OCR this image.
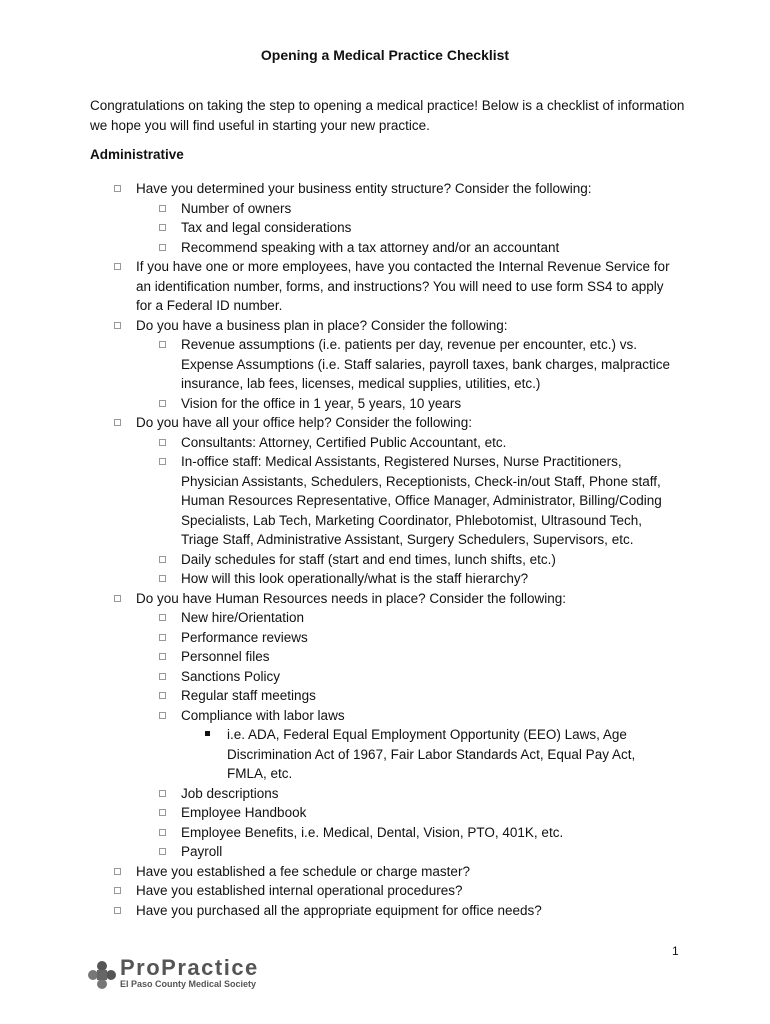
Opening a Medical Practice Checklist
Congratulations on taking the step to opening a medical practice! Below is a checklist of information we hope you will find useful in starting your new practice.
Administrative
Have you determined your business entity structure? Consider the following:
Number of owners
Tax and legal considerations
Recommend speaking with a tax attorney and/or an accountant
If you have one or more employees, have you contacted the Internal Revenue Service for an identification number, forms, and instructions? You will need to use form SS4 to apply for a Federal ID number.
Do you have a business plan in place? Consider the following:
Revenue assumptions (i.e. patients per day, revenue per encounter, etc.) vs. Expense Assumptions (i.e. Staff salaries, payroll taxes, bank charges, malpractice insurance, lab fees, licenses, medical supplies, utilities, etc.)
Vision for the office in 1 year, 5 years, 10 years
Do you have all your office help? Consider the following:
Consultants: Attorney, Certified Public Accountant, etc.
In-office staff: Medical Assistants, Registered Nurses, Nurse Practitioners, Physician Assistants, Schedulers, Receptionists, Check-in/out Staff, Phone staff, Human Resources Representative, Office Manager, Administrator, Billing/Coding Specialists, Lab Tech, Marketing Coordinator, Phlebotomist, Ultrasound Tech, Triage Staff, Administrative Assistant, Surgery Schedulers, Supervisors, etc.
Daily schedules for staff (start and end times, lunch shifts, etc.)
How will this look operationally/what is the staff hierarchy?
Do you have Human Resources needs in place? Consider the following:
New hire/Orientation
Performance reviews
Personnel files
Sanctions Policy
Regular staff meetings
Compliance with labor laws
i.e. ADA, Federal Equal Employment Opportunity (EEO) Laws, Age Discrimination Act of 1967, Fair Labor Standards Act, Equal Pay Act, FMLA, etc.
Job descriptions
Employee Handbook
Employee Benefits, i.e. Medical, Dental, Vision, PTO, 401K, etc.
Payroll
Have you established a fee schedule or charge master?
Have you established internal operational procedures?
Have you purchased all the appropriate equipment for office needs?
1
ProPractice
El Paso County Medical Society
